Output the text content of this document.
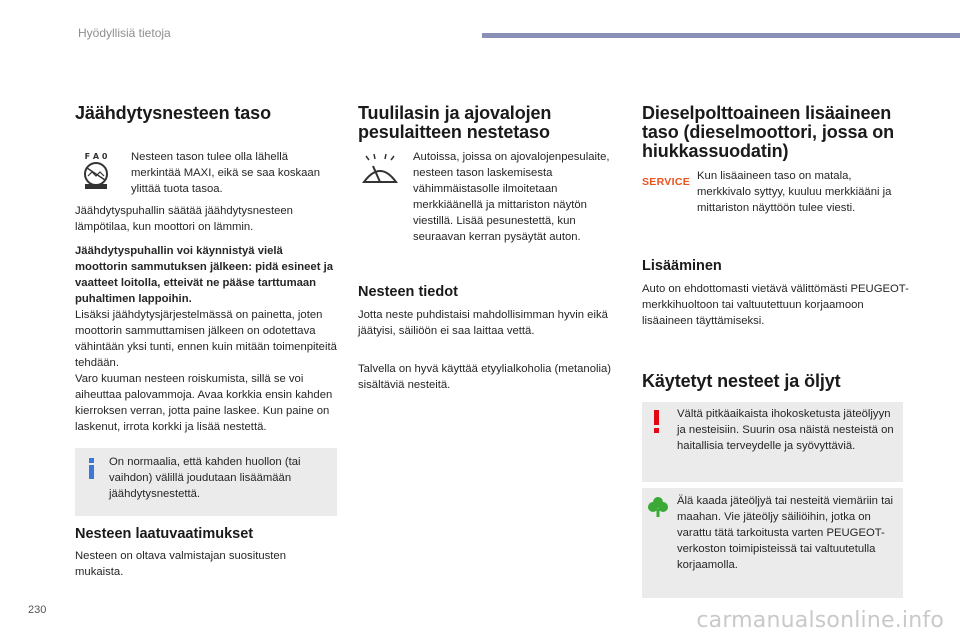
Hyödyllisiä tietoja
Jäähdytysnesteen taso
F A 0 Nesteen tason tulee olla lähellä merkintää MAXI, eikä se saa koskaan ylittää tuota tasoa.

Jäähdytyspuhallin säätää jäähdytysnesteen lämpötilaa, kun moottori on lämmin.

Jäähdytyspuhallin voi käynnistyä vielä moottorin sammutuksen jälkeen: pidä esineet ja vaatteet loitolla, etteivät ne pääse tarttumaan puhaltimen lappoihin.

Lisäksi jäähdytysjärjestelmässä on painetta, joten moottorin sammuttamisen jälkeen on odotettava vähintään yksi tunti, ennen kuin mitään toimenpiteitä tehdään.

Varo kuuman nesteen roiskumista, sillä se voi aiheuttaa palovammoja. Avaa korkkia ensin kahden kierroksen verran, jotta paine laskee. Kun paine on laskenut, irrota korkki ja lisää nestettä.

On normaalia, että kahden huollon (tai vaihdon) välillä joudutaan lisäämään jäähdytysnestettä.

Nesteen laatuvaatimukset

Nesteen on oltava valmistajan suositusten mukaista.

Tuulilasin ja ajovalojen pesulaitteen nestetaso

Autoissa, joissa on ajovalojenpesulaite, nesteen tason laskemisesta vähimmäistasolle ilmoitetaan merkkiäänellä ja mittariston näytön viestillä. Lisää pesunestettä, kun seuraavan kerran pysäytät auton.

Nesteen tiedot

Jotta neste puhdistaisi mahdollisimman hyvin eikä jäätyisi, säiliöön ei saa laittaa vettä.

Talvella on hyvä käyttää etyylialkoholia (metanolia) sisältäviä nesteitä.

Dieselpolttoaineen lisäaineen taso (dieselmoottori, jossa on hiukkassuodatin)
SERVICE Kun lisäaineen taso on matala, merkkivalo syttyy, kuuluu merkkiääni ja mittariston näyttöön tulee viesti.

Lisääminen

Auto on ehdottomasti vietävä välittömästi PEUGEOT-merkkihuoltoon tai valtuutettuun korjaamoon lisäaineen täyttämiseksi.

Käytetyt nesteet ja öljyt

Vältä pitkäaikaista ihokosketusta jäteöljyyn ja nesteisiin. Suurin osa näistä nesteistä on haitallisia terveydelle ja syövyttäviä.

Älä kaada jäteöljyä tai nesteitä viemäriin tai maahan. Vie jäteöljy säiliöihin, jotka on varattu tätä tarkoitusta varten PEUGEOT-verkoston toimipisteissä tai valtuutetulla korjaamolla.

230	carmanualsonline.info
